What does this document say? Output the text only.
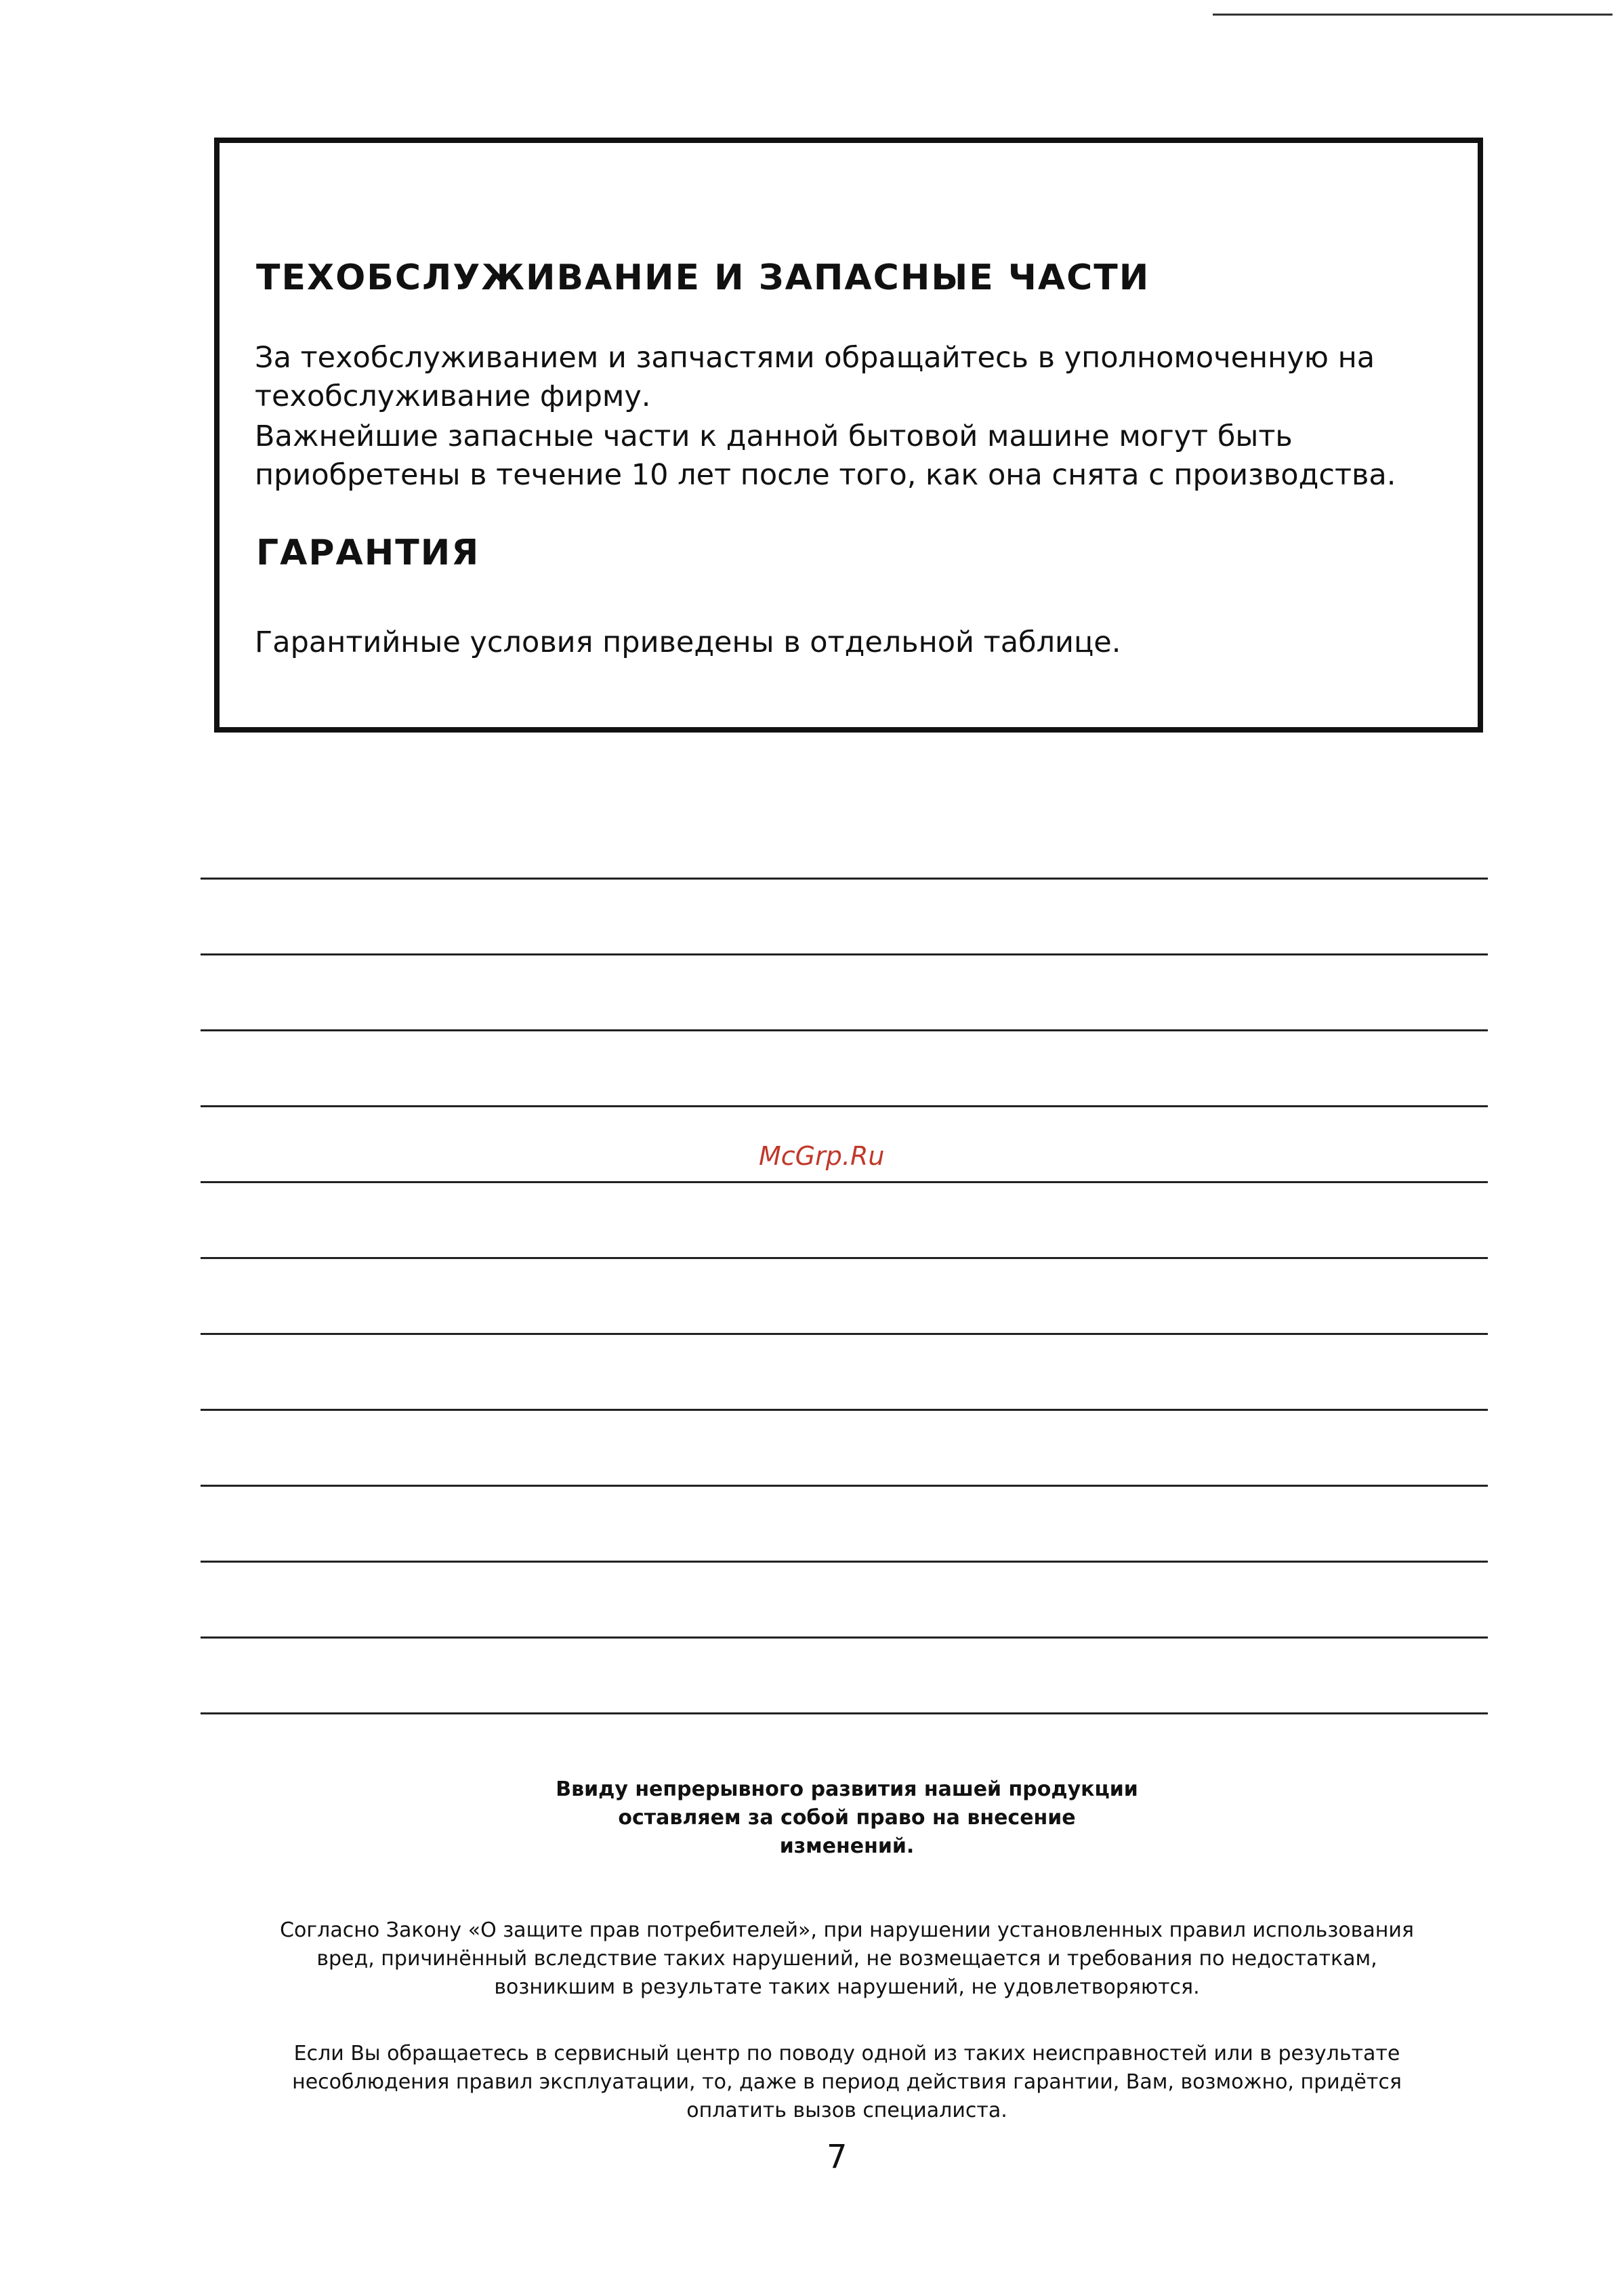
ТЕХОБСЛУЖИВАНИЕ И ЗАПАСНЫЕ ЧАСТИ

За техобслуживанием и запчастями обращайтесь в уполномоченную на
техобслуживание фирму.

Важнейшие запасные части к данной бытовой машине могут быть
приобретены в течение 10 лет после того, как она снята с производства.

ГАРАНТИЯ

Гарантийные условия приведены в отдельной таблице.

McGrp.Ru

Ввиду непрерывного развития нашей продукции
оставляем за собой право на внесение
изменений.

Согласно Закону «О защите прав потребителей», при нарушении установленных правил использования
вред, причинённый вследствие таких нарушений, не возмещается и требования по недостаткам,
возникшим в результате таких нарушений, не удовлетворяются.

Если Вы обращаетесь в сервисный центр по поводу одной из таких неисправностей или в результате
несоблюдения правил эксплуатации, то, даже в период действия гарантии, Вам, возможно, придётся
оплатить вызов специалиста.

7
